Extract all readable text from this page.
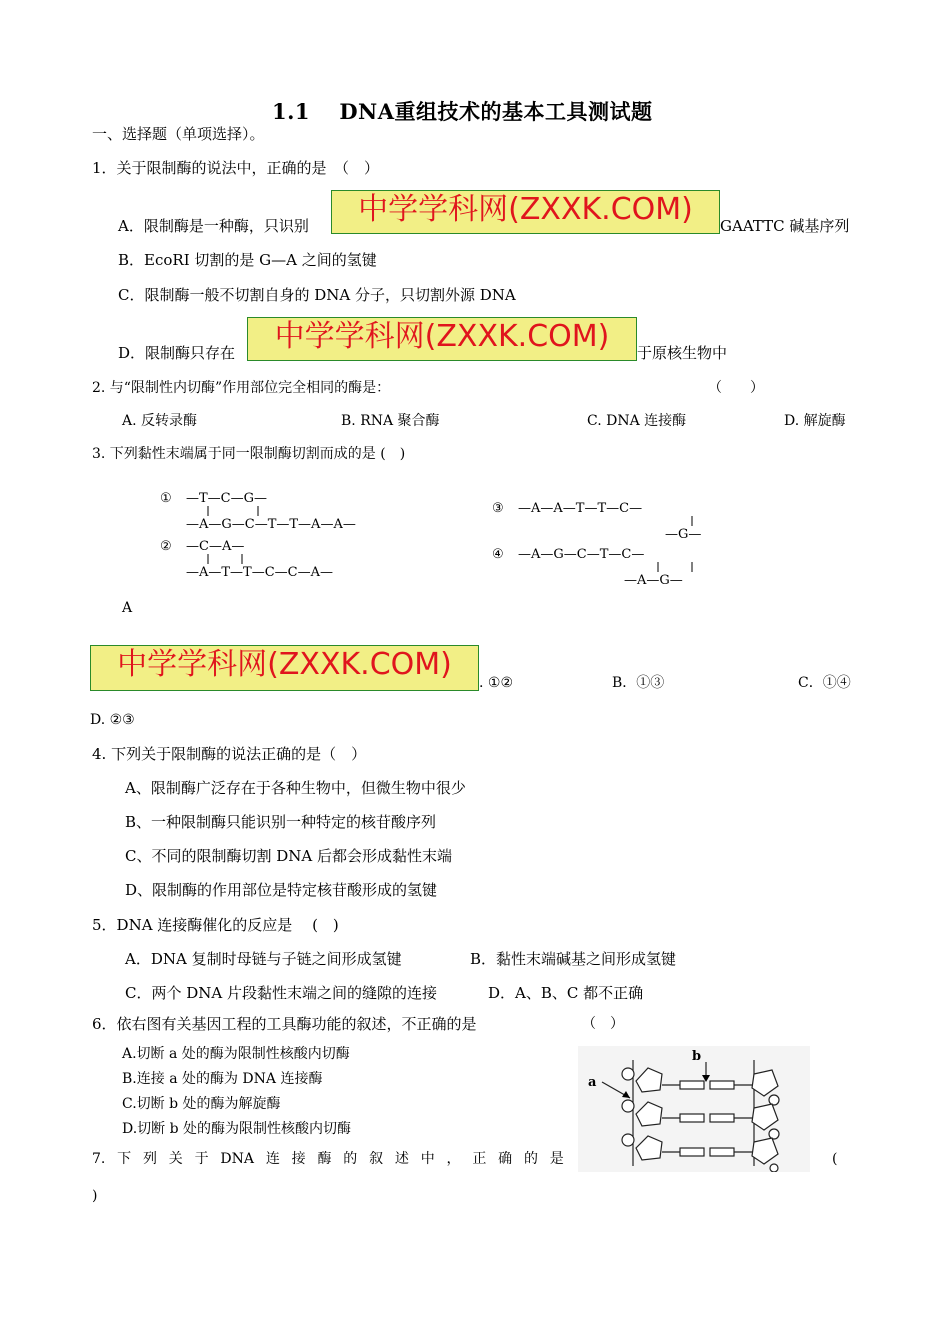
1.1　 DNA重组技术的基本工具测试题
一、选择题（单项选择）。
1．关于限制酶的说法中，正确的是　（　）
A．限制酶是一种酶，只识别	中学学科网(ZXXK.COM)	GAATTC 碱基序列
B．EcoRI 切割的是 G—A 之间的氢键
C．限制酶一般不切割自身的 DNA 分子，只切割外源 DNA
D．限制酶只存在	中学学科网(ZXXK.COM)	于原核生物中
2. 与“限制性内切酶”作用部位完全相同的酶是：	（　　）
A. 反转录酶	B. RNA 聚合酶	C. DNA 连接酶	D. 解旋酶
3. 下列黏性末端属于同一限制酶切割而成的是 (　)
① —T—C—G—
—A—G—C—T—T—A—A—
② —C—A—
—A—T—T—C—C—A—
③ —A—A—T—T—C—
—G—
④ —A—G—C—T—C—
—A—G—
A
中学学科网(ZXXK.COM)
. ①②	B．①③	C．①④
D. ②③
4. 下列关于限制酶的说法正确的是（　）
A、限制酶广泛存在于各种生物中，但微生物中很少
B、一种限制酶只能识别一种特定的核苷酸序列
C、不同的限制酶切割 DNA 后都会形成黏性末端
D、限制酶的作用部位是特定核苷酸形成的氢键
5．DNA 连接酶催化的反应是　 (　)
A．DNA 复制时母链与子链之间形成氢键	B．黏性末端碱基之间形成氢键
C．两个 DNA 片段黏性末端之间的缝隙的连接	D．A、B、C 都不正确
6．依右图有关基因工程的工具酶功能的叙述，不正确的是	（　）
A.切断 a 处的酶为限制性核酸内切酶
B.连接 a 处的酶为 DNA 连接酶
C.切断 b 处的酶为解旋酶
D.切断 b 处的酶为限制性核酸内切酶
a
b
7. 下 列 关 于 DNA 连 接 酶 的 叙 述 中 ， 正 确 的 是	(
)
